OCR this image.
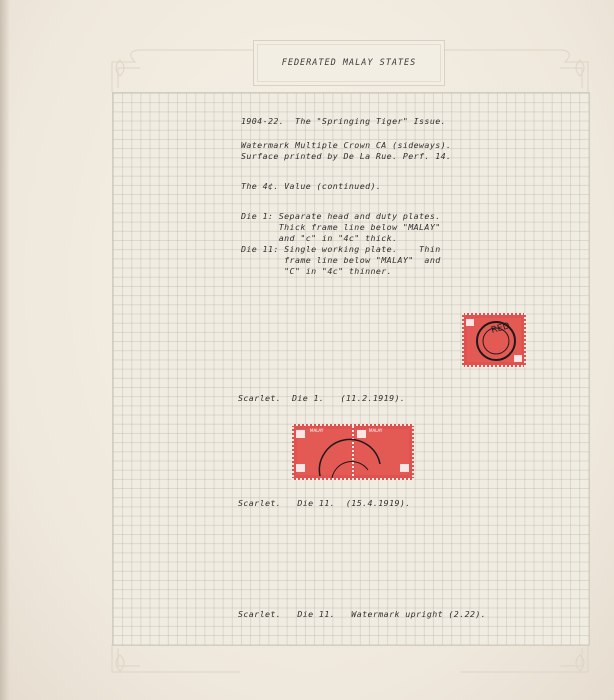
FEDERATED MALAY STATES
1904-22.  The "Springing Tiger" Issue.
Watermark Multiple Crown CA (sideways).
Surface printed by De La Rue. Perf. 14.
The 4¢. Value (continued).
Die 1: Separate head and duty plates.
Thick frame line below "MALAY"
and "c" in "4c" thick.
Die 11: Single working plate.    Thin
frame line below "MALAY"  and
"C" in "4c" thinner.
RED
Scarlet.  Die 1.   (11.2.1919).
MALAY	MALAY
Scarlet.   Die 11.  (15.4.1919).
Scarlet.   Die 11.   Watermark upright (2.22).
